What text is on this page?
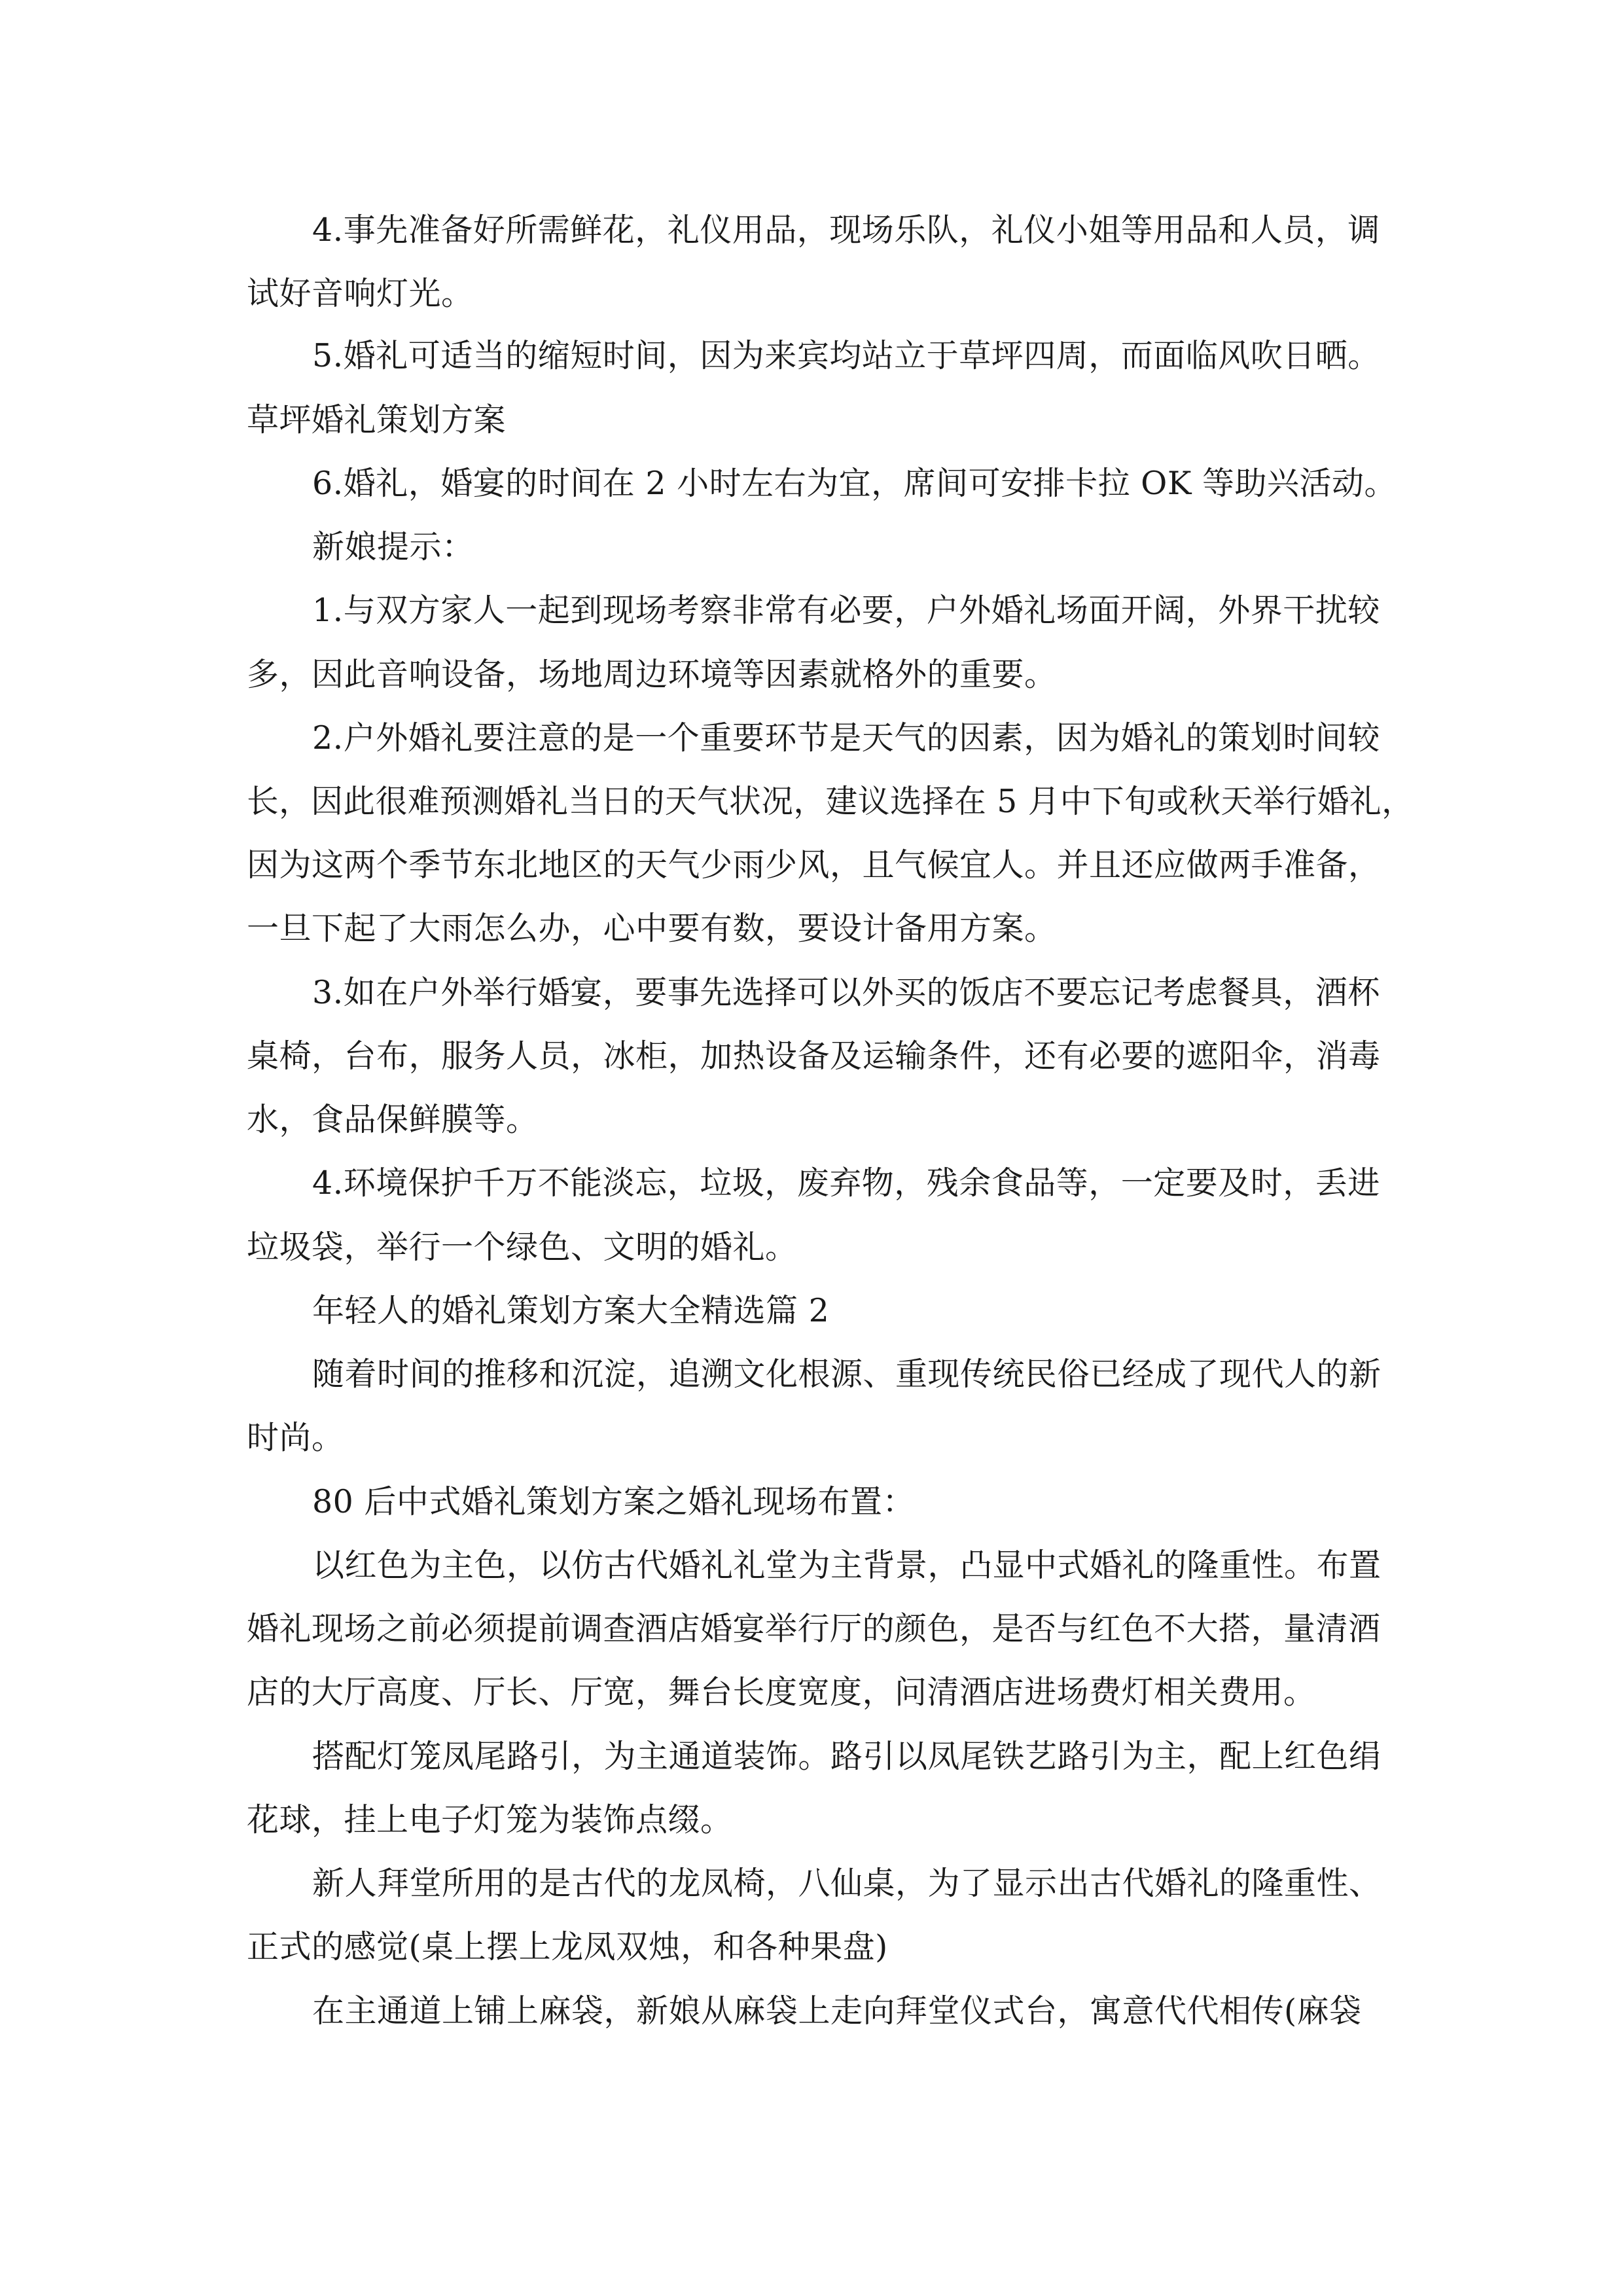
4.事先准备好所需鲜花，礼仪用品，现场乐队，礼仪小姐等用品和人员，调
试好音响灯光。
5.婚礼可适当的缩短时间，因为来宾均站立于草坪四周，而面临风吹日晒。
草坪婚礼策划方案
6.婚礼，婚宴的时间在 2 小时左右为宜，席间可安排卡拉 OK 等助兴活动。
新娘提示：
1.与双方家人一起到现场考察非常有必要，户外婚礼场面开阔，外界干扰较
多，因此音响设备，场地周边环境等因素就格外的重要。
2.户外婚礼要注意的是一个重要环节是天气的因素，因为婚礼的策划时间较
长，因此很难预测婚礼当日的天气状况，建议选择在 5 月中下旬或秋天举行婚礼，
因为这两个季节东北地区的天气少雨少风，且气候宜人。并且还应做两手准备，
一旦下起了大雨怎么办，心中要有数，要设计备用方案。
3.如在户外举行婚宴，要事先选择可以外买的饭店不要忘记考虑餐具，酒杯
桌椅，台布，服务人员，冰柜，加热设备及运输条件，还有必要的遮阳伞，消毒
水，食品保鲜膜等。
4.环境保护千万不能淡忘，垃圾，废弃物，残余食品等，一定要及时，丢进
垃圾袋，举行一个绿色、文明的婚礼。
年轻人的婚礼策划方案大全精选篇 2
随着时间的推移和沉淀，追溯文化根源、重现传统民俗已经成了现代人的新
时尚。
80 后中式婚礼策划方案之婚礼现场布置：
以红色为主色，以仿古代婚礼礼堂为主背景，凸显中式婚礼的隆重性。布置
婚礼现场之前必须提前调查酒店婚宴举行厅的颜色，是否与红色不大搭，量清酒
店的大厅高度、厅长、厅宽，舞台长度宽度，问清酒店进场费灯相关费用。
搭配灯笼凤尾路引，为主通道装饰。路引以凤尾铁艺路引为主，配上红色绢
花球，挂上电子灯笼为装饰点缀。
新人拜堂所用的是古代的龙凤椅，八仙桌，为了显示出古代婚礼的隆重性、
正式的感觉(桌上摆上龙凤双烛，和各种果盘)
在主通道上铺上麻袋，新娘从麻袋上走向拜堂仪式台，寓意代代相传(麻袋
